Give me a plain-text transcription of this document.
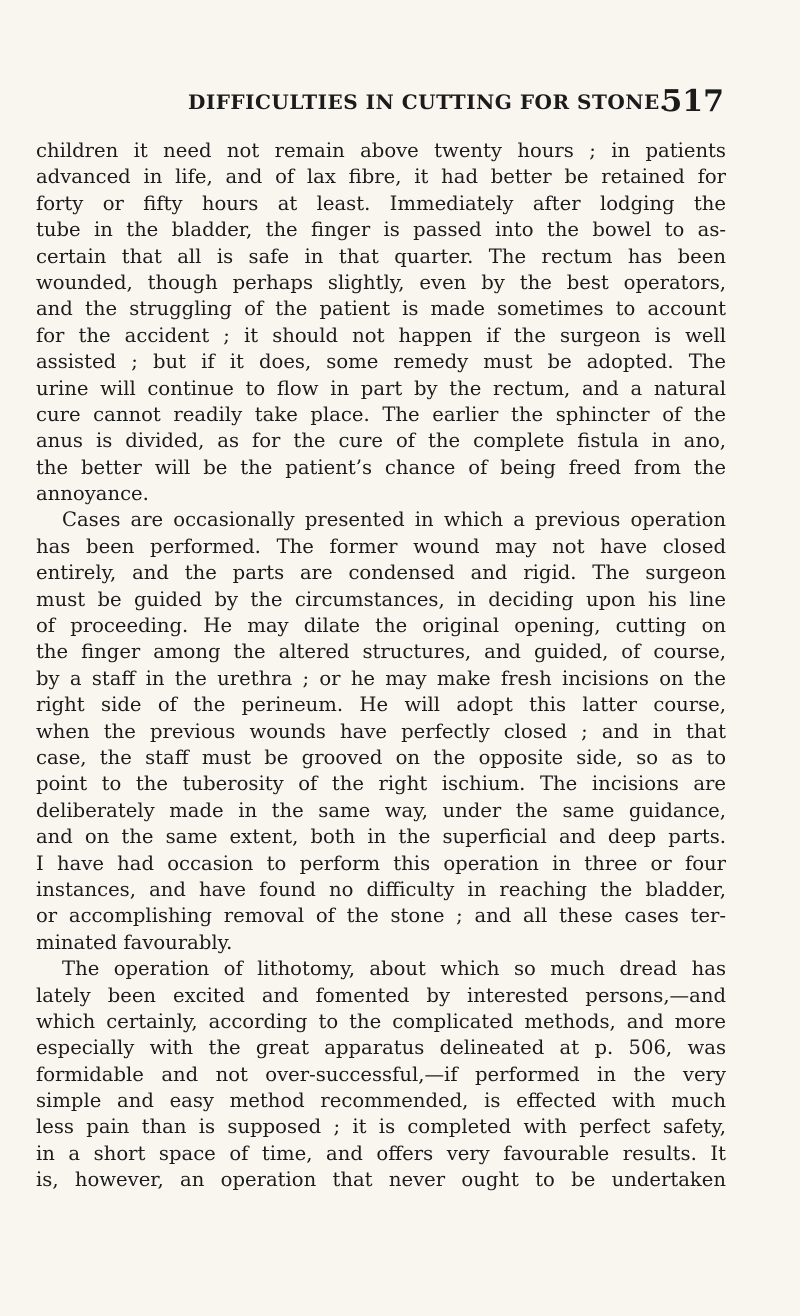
DIFFICULTIES IN CUTTING FOR STONE.
517
children it need not remain above twenty hours ; in patients
advanced in life, and of lax fibre, it had better be retained for
forty or fifty hours at least. Immediately after lodging the
tube in the bladder, the finger is passed into the bowel to as-
certain that all is safe in that quarter. The rectum has been
wounded, though perhaps slightly, even by the best operators,
and the struggling of the patient is made sometimes to account
for the accident ; it should not happen if the surgeon is well
assisted ; but if it does, some remedy must be adopted. The
urine will continue to flow in part by the rectum, and a natural
cure cannot readily take place. The earlier the sphincter of the
anus is divided, as for the cure of the complete fistula in ano,
the better will be the patient’s chance of being freed from the
annoyance.
Cases are occasionally presented in which a previous operation
has been performed. The former wound may not have closed
entirely, and the parts are condensed and rigid. The surgeon
must be guided by the circumstances, in deciding upon his line
of proceeding. He may dilate the original opening, cutting on
the finger among the altered structures, and guided, of course,
by a staff in the urethra ; or he may make fresh incisions on the
right side of the perineum. He will adopt this latter course,
when the previous wounds have perfectly closed ; and in that
case, the staff must be grooved on the opposite side, so as to
point to the tuberosity of the right ischium. The incisions are
deliberately made in the same way, under the same guidance,
and on the same extent, both in the superficial and deep parts.
I have had occasion to perform this operation in three or four
instances, and have found no difficulty in reaching the bladder,
or accomplishing removal of the stone ; and all these cases ter-
minated favourably.
The operation of lithotomy, about which so much dread has
lately been excited and fomented by interested persons,—and
which certainly, according to the complicated methods, and more
especially with the great apparatus delineated at p. 506, was
formidable and not over-successful,—if performed in the very
simple and easy method recommended, is effected with much
less pain than is supposed ; it is completed with perfect safety,
in a short space of time, and offers very favourable results. It
is, however, an operation that never ought to be undertaken
